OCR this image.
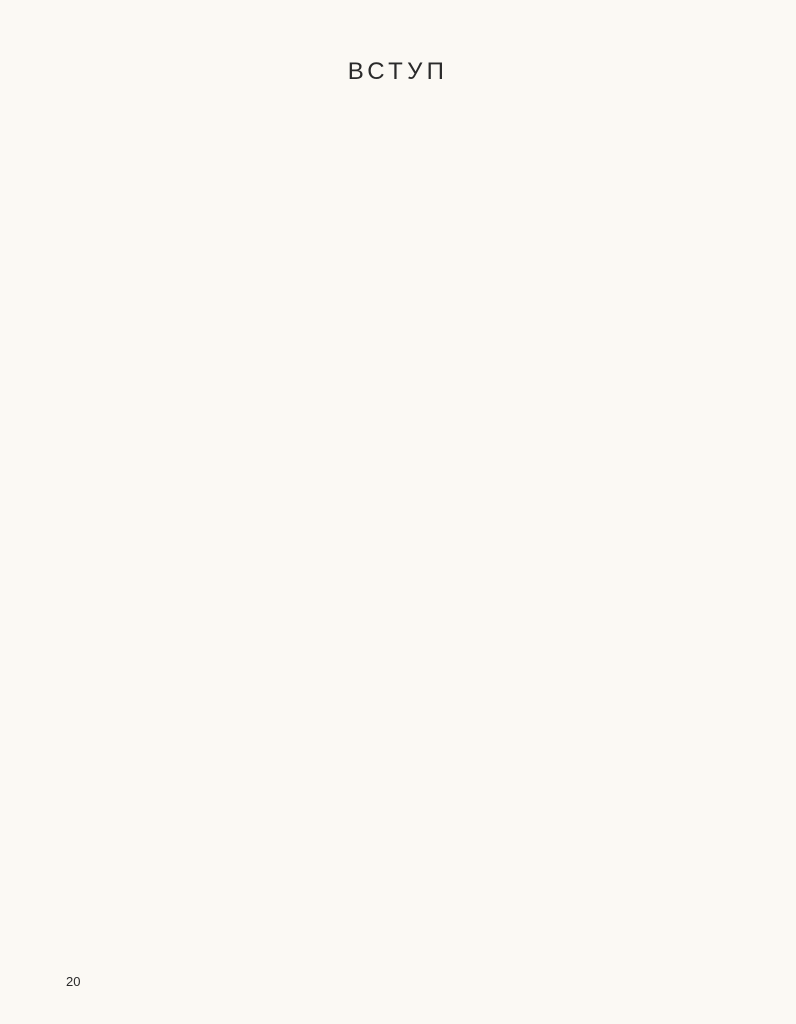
ВСТУП
20
